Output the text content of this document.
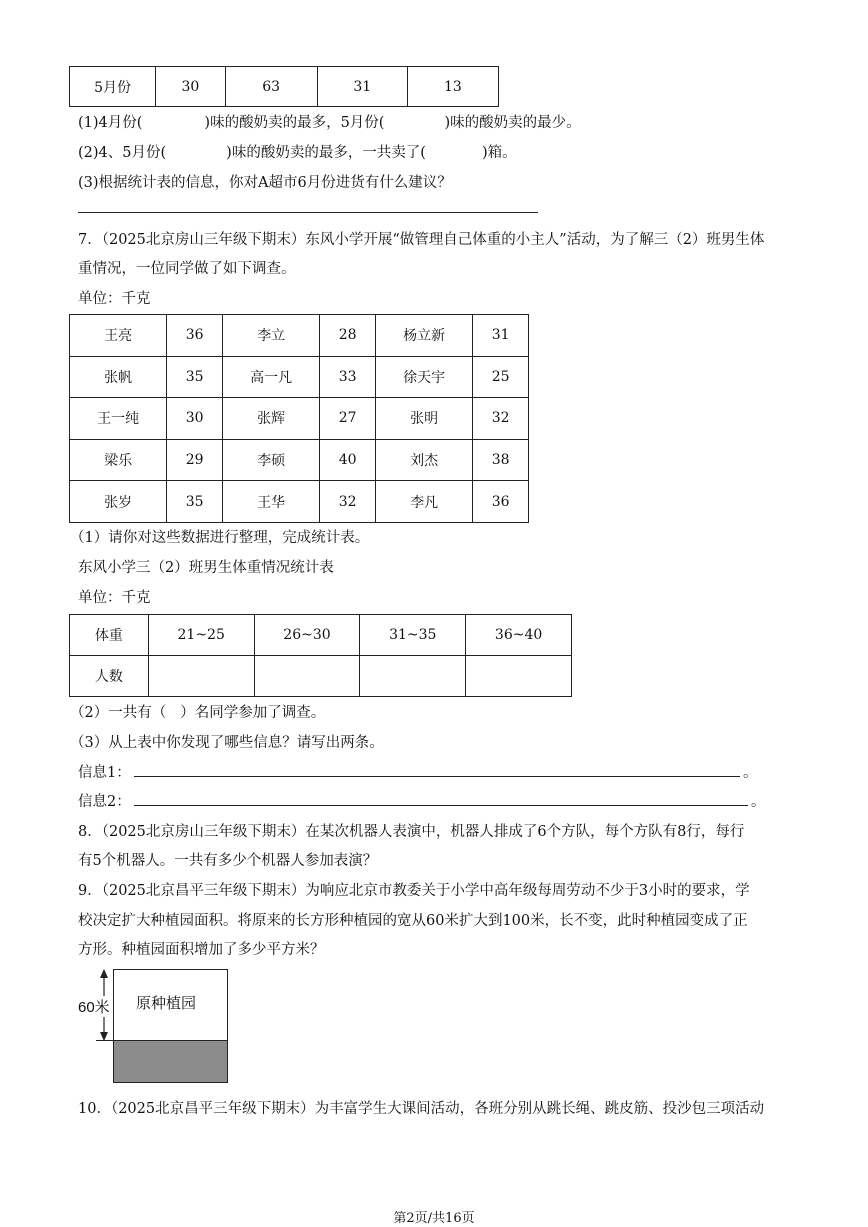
5月份	30	63	31	13
(1)4月份(	)味的酸奶卖的最多，5月份(	)味的酸奶卖的最少。
(2)4、5月份(	)味的酸奶卖的最多，一共卖了(	)箱。
(3)根据统计表的信息，你对A超市6月份进货有什么建议？
7．（2025北京房山三年级下期末）东风小学开展“做管理自己体重的小主人”活动，为了解三（2）班男生体
重情况，一位同学做了如下调查。
单位：千克
王亮	36	李立	28	杨立新	31
张帆	35	高一凡	33	徐天宇	25
王一纯	30	张辉	27	张明	32
梁乐	29	李硕	40	刘杰	38
张岁	35	王华	32	李凡	36
（1）请你对这些数据进行整理，完成统计表。
东风小学三（2）班男生体重情况统计表
单位：千克
体重	21~25	26~30	31~35	36~40
人数				
（2）一共有（ ）名同学参加了调查。
（3）从上表中你发现了哪些信息？请写出两条。
信息1：	。
信息2：	。
8．（2025北京房山三年级下期末）在某次机器人表演中，机器人排成了6个方队，每个方队有8行，每行
有5个机器人。一共有多少个机器人参加表演？
9．（2025北京昌平三年级下期末）为响应北京市教委关于小学中高年级每周劳动不少于3小时的要求，学
校决定扩大种植园面积。将原来的长方形种植园的宽从60米扩大到100米，长不变，此时种植园变成了正
方形。种植园面积增加了多少平方米？
60米 原种植园
10．（2025北京昌平三年级下期末）为丰富学生大课间活动，各班分别从跳长绳、跳皮筋、投沙包三项活动
第2页/共16页
